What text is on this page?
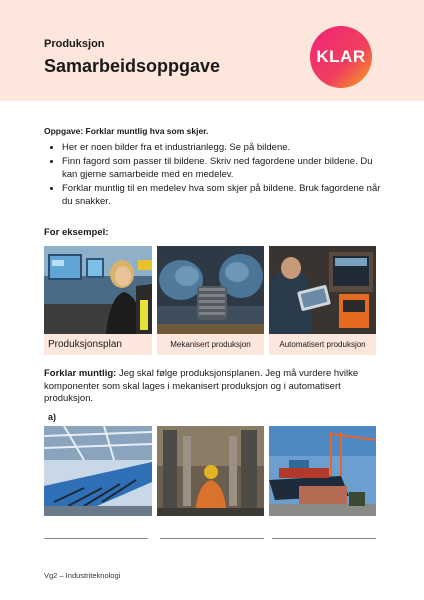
Produksjon
Samarbeidsoppgave	KLAR
Oppgave: Forklar muntlig hva som skjer.
• Her er noen bilder fra et industrianlegg. Se på bildene.
• Finn fagord som passer til bildene. Skriv ned fagordene under bildene. Du kan gjerne samarbeide med en medelev.
• Forklar muntlig til en medelev hva som skjer på bildene. Bruk fagordene når du snakker.
For eksempel:
Produksjonsplan	Mekanisert produksjon	Automatisert produksjon
Forklar muntlig: Jeg skal følge produksjonsplanen. Jeg må vurdere hvilke komponenter som skal lages i mekanisert produksjon og i automatisert produksjon.
a)
Vg2 – Industriteknologi
